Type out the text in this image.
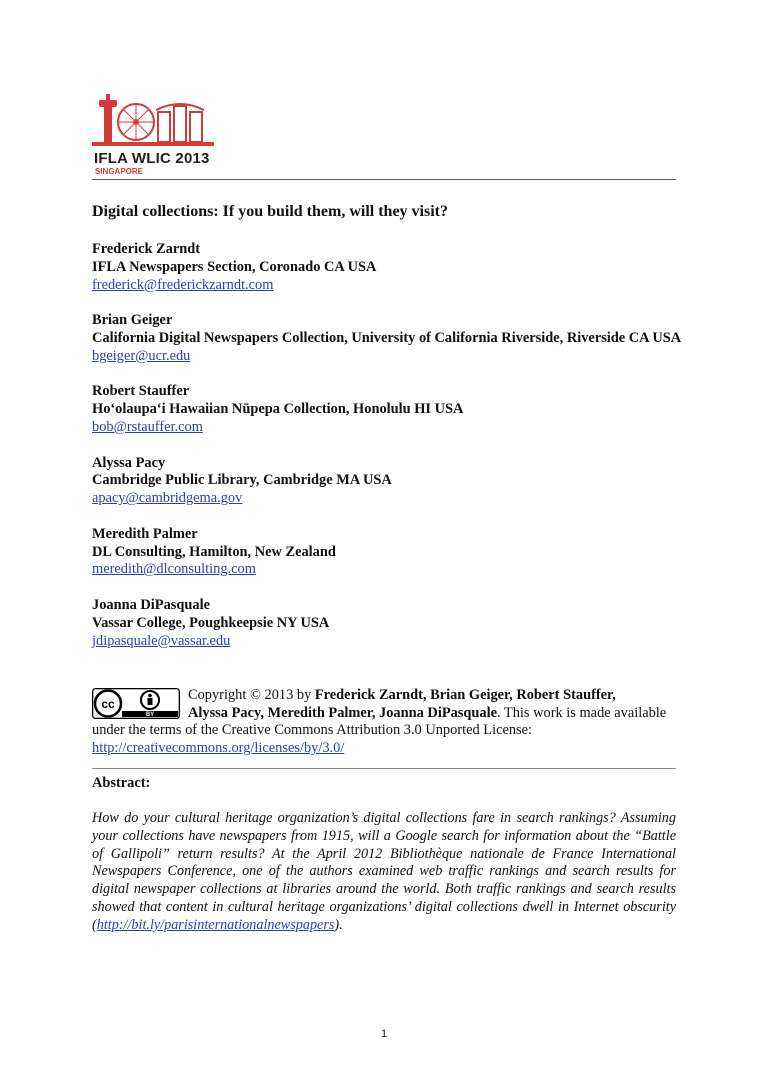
IFLA WLIC 2013
SINGAPORE
Digital collections: If you build them, will they visit?
Frederick Zarndt
IFLA Newspapers Section, Coronado CA USA
frederick@frederickzarndt.com
Brian Geiger
California Digital Newspapers Collection, University of California Riverside, Riverside CA USA
bgeiger@ucr.edu
Robert Stauffer
Ho‘olaupa‘i Hawaiian Nūpepa Collection, Honolulu HI USA
bob@rstauffer.com
Alyssa Pacy
Cambridge Public Library, Cambridge MA USA
apacy@cambridgema.gov
Meredith Palmer
DL Consulting, Hamilton, New Zealand
meredith@dlconsulting.com
Joanna DiPasquale
Vassar College, Poughkeepsie NY USA
jdipasquale@vassar.edu
cc
BY
Copyright © 2013 by Frederick Zarndt, Brian Geiger, Robert Stauffer,
Alyssa Pacy, Meredith Palmer, Joanna DiPasquale. This work is made available under the terms of the Creative Commons Attribution 3.0 Unported License:
http://creativecommons.org/licenses/by/3.0/
Abstract:
How do your cultural heritage organization’s digital collections fare in search rankings? Assuming your collections have newspapers from 1915, will a Google search for information about the “Battle of Gallipoli” return results? At the April 2012 Bibliothèque nationale de France International Newspapers Conference, one of the authors examined web traffic rankings and search results for digital newspaper collections at libraries around the world. Both traffic rankings and search results showed that content in cultural heritage organizations’ digital collections dwell in Internet obscurity (http://bit.ly/parisinternationalnewspapers).
1
